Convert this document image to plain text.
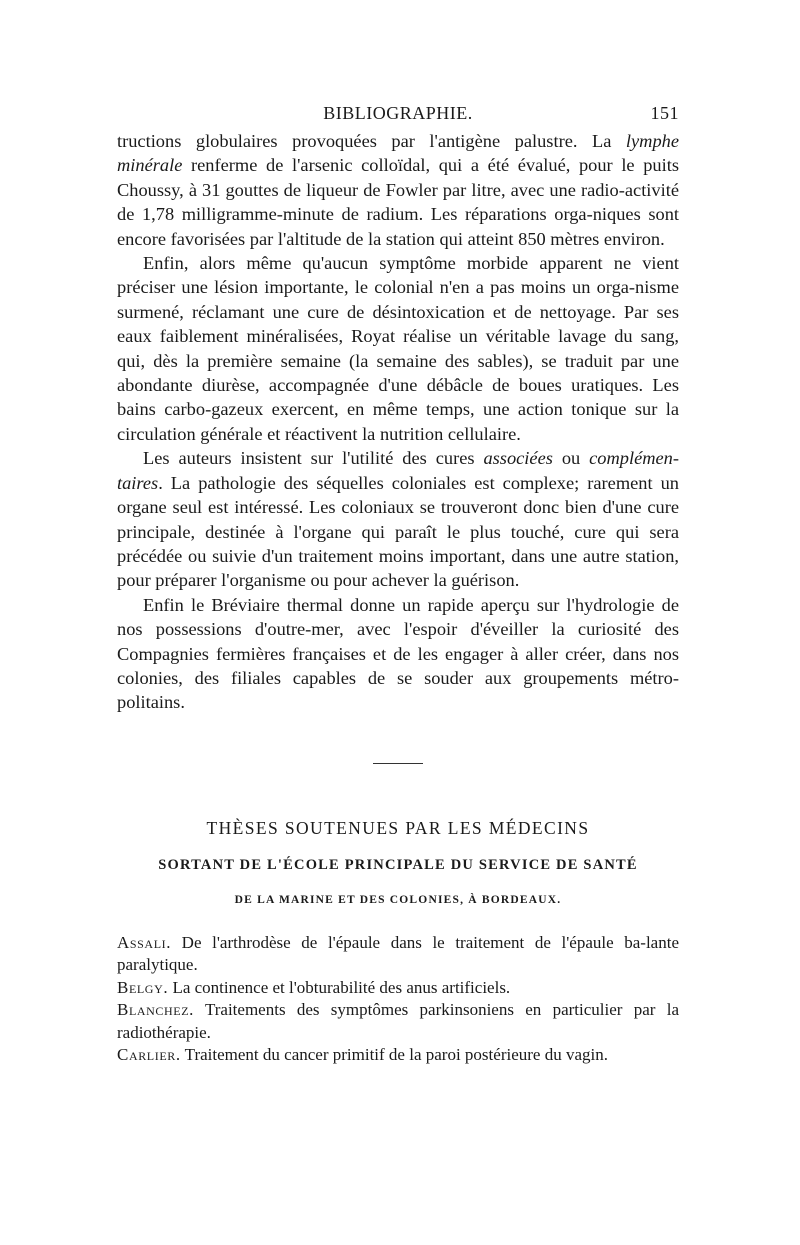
BIBLIOGRAPHIE.	151

tructions globulaires provoquées par l'antigène palustre. La lymphe minérale renferme de l'arsenic colloïdal, qui a été évalué, pour le puits Choussy, à 31 gouttes de liqueur de Fowler par litre, avec une radio-activité de 1,78 milligramme-minute de radium. Les réparations orga-niques sont encore favorisées par l'altitude de la station qui atteint 850 mètres environ.

Enfin, alors même qu'aucun symptôme morbide apparent ne vient préciser une lésion importante, le colonial n'en a pas moins un orga-nisme surmené, réclamant une cure de désintoxication et de nettoyage. Par ses eaux faiblement minéralisées, Royat réalise un véritable lavage du sang, qui, dès la première semaine (la semaine des sables), se traduit par une abondante diurèse, accompagnée d'une débâcle de boues uratiques. Les bains carbo-gazeux exercent, en même temps, une action tonique sur la circulation générale et réactivent la nutrition cellulaire.

Les auteurs insistent sur l'utilité des cures associées ou complémen-taires. La pathologie des séquelles coloniales est complexe; rarement un organe seul est intéressé. Les coloniaux se trouveront donc bien d'une cure principale, destinée à l'organe qui paraît le plus touché, cure qui sera précédée ou suivie d'un traitement moins important, dans une autre station, pour préparer l'organisme ou pour achever la guérison.

Enfin le Bréviaire thermal donne un rapide aperçu sur l'hydrologie de nos possessions d'outre-mer, avec l'espoir d'éveiller la curiosité des Compagnies fermières françaises et de les engager à aller créer, dans nos colonies, des filiales capables de se souder aux groupements métro-politains.

THÈSES SOUTENUES PAR LES MÉDECINS
SORTANT DE L'ÉCOLE PRINCIPALE DU SERVICE DE SANTÉ
DE LA MARINE ET DES COLONIES, À BORDEAUX.

Assali. De l'arthrodèse de l'épaule dans le traitement de l'épaule ba-lante paralytique.

Belgy. La continence et l'obturabilité des anus artificiels.

Blanchez. Traitements des symptômes parkinsoniens en particulier par la radiothérapie.

Carlier. Traitement du cancer primitif de la paroi postérieure du vagin.
